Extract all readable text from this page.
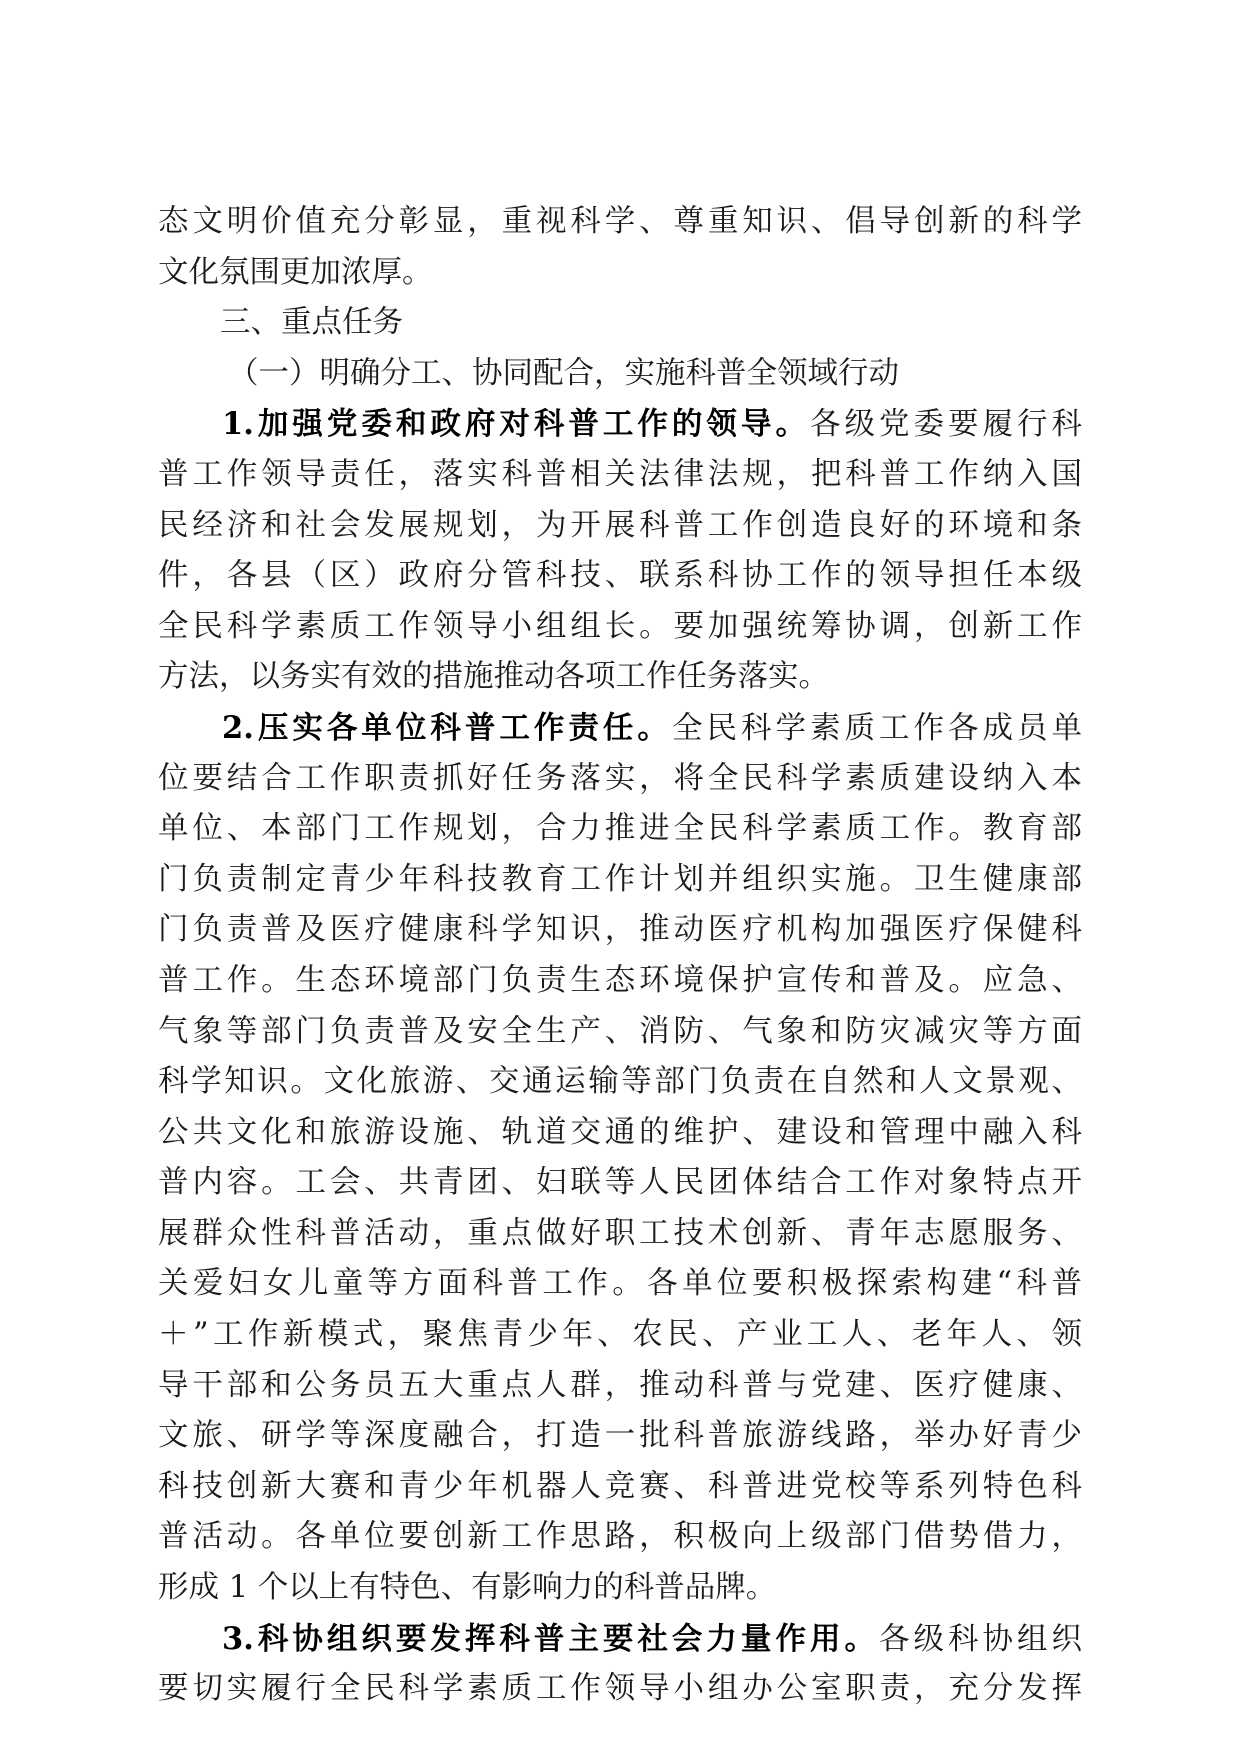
态文明价值充分彰显，重视科学、尊重知识、倡导创新的科学
文化氛围更加浓厚。
三、重点任务
（一）明确分工、协同配合，实施科普全领域行动
1.加强党委和政府对科普工作的领导。各级党委要履行科
普工作领导责任，落实科普相关法律法规，把科普工作纳入国
民经济和社会发展规划，为开展科普工作创造良好的环境和条
件，各县（区）政府分管科技、联系科协工作的领导担任本级
全民科学素质工作领导小组组长。要加强统筹协调，创新工作
方法，以务实有效的措施推动各项工作任务落实。
2.压实各单位科普工作责任。全民科学素质工作各成员单
位要结合工作职责抓好任务落实，将全民科学素质建设纳入本
单位、本部门工作规划，合力推进全民科学素质工作。教育部
门负责制定青少年科技教育工作计划并组织实施。卫生健康部
门负责普及医疗健康科学知识，推动医疗机构加强医疗保健科
普工作。生态环境部门负责生态环境保护宣传和普及。应急、
气象等部门负责普及安全生产、消防、气象和防灾减灾等方面
科学知识。文化旅游、交通运输等部门负责在自然和人文景观、
公共文化和旅游设施、轨道交通的维护、建设和管理中融入科
普内容。工会、共青团、妇联等人民团体结合工作对象特点开
展群众性科普活动，重点做好职工技术创新、青年志愿服务、
关爱妇女儿童等方面科普工作。各单位要积极探索构建“科普
＋”工作新模式，聚焦青少年、农民、产业工人、老年人、领
导干部和公务员五大重点人群，推动科普与党建、医疗健康、
文旅、研学等深度融合，打造一批科普旅游线路，举办好青少
科技创新大赛和青少年机器人竞赛、科普进党校等系列特色科
普活动。各单位要创新工作思路，积极向上级部门借势借力，
形成 1 个以上有特色、有影响力的科普品牌。
3.科协组织要发挥科普主要社会力量作用。各级科协组织
要切实履行全民科学素质工作领导小组办公室职责，充分发挥
